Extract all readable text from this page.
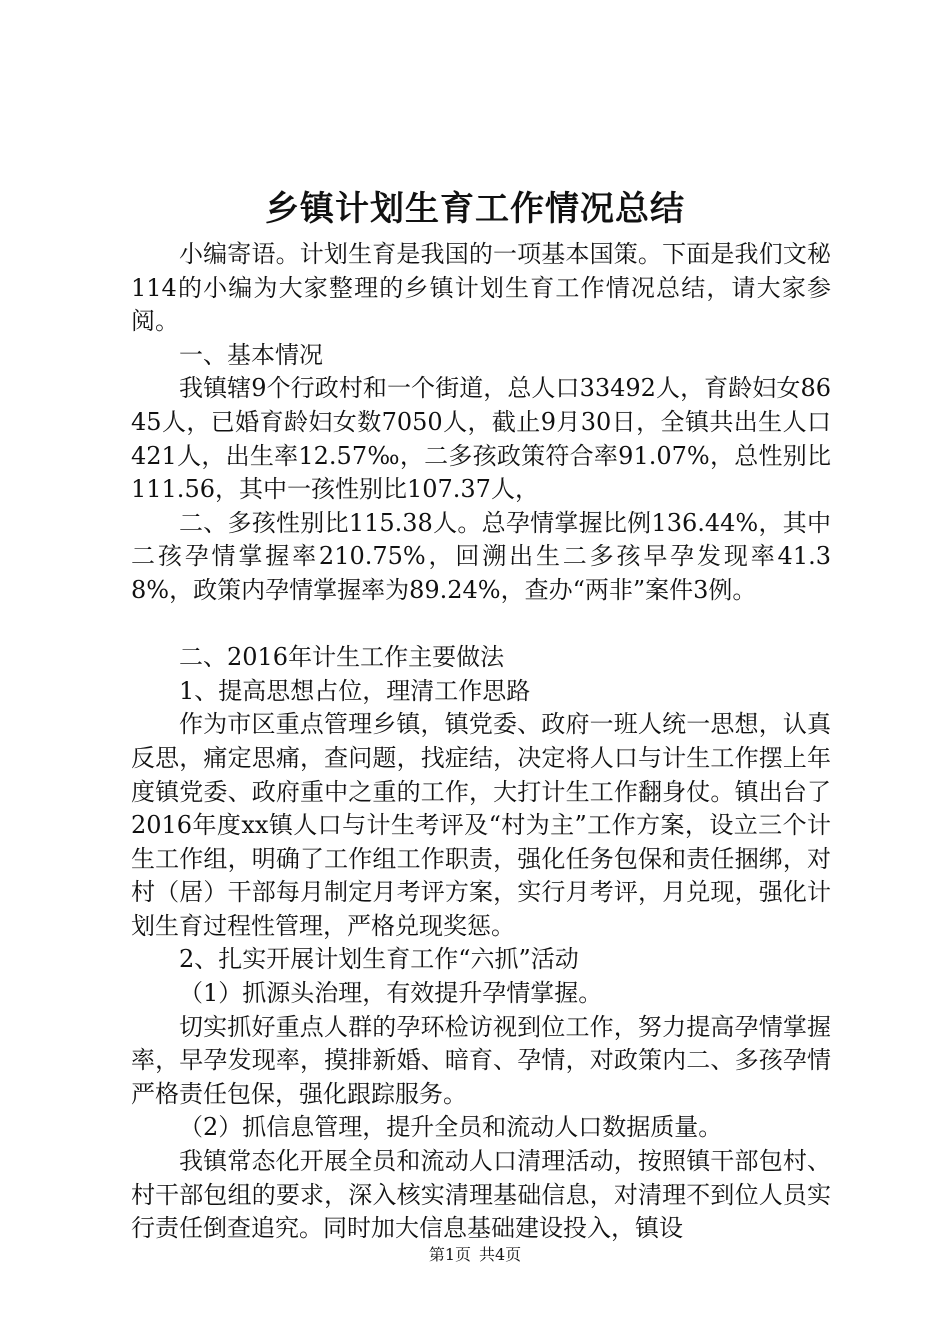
乡镇计划生育工作情况总结

小编寄语。计划生育是我国的一项基本国策。下面是我们文秘114的小编为大家整理的乡镇计划生育工作情况总结，请大家参阅。

一、基本情况

我镇辖9个行政村和一个街道，总人口33492人，育龄妇女8645人，已婚育龄妇女数7050人，截止9月30日，全镇共出生人口421人，出生率12.57‰，二多孩政策符合率91.07%，总性别比111.56，其中一孩性别比107.37人，

二、多孩性别比115.38人。总孕情掌握比例136.44%，其中二孩孕情掌握率210.75%，回溯出生二多孩早孕发现率41.38%，政策内孕情掌握率为89.24%，查办“两非”案件3例。

二、2016年计生工作主要做法

1、提高思想占位，理清工作思路

作为市区重点管理乡镇，镇党委、政府一班人统一思想，认真反思，痛定思痛，查问题，找症结，决定将人口与计生工作摆上年度镇党委、政府重中之重的工作，大打计生工作翻身仗。镇出台了2016年度xx镇人口与计生考评及“村为主”工作方案，设立三个计生工作组，明确了工作组工作职责，强化任务包保和责任捆绑，对村（居）干部每月制定月考评方案，实行月考评，月兑现，强化计划生育过程性管理，严格兑现奖惩。

2、扎实开展计划生育工作“六抓”活动

（1）抓源头治理，有效提升孕情掌握。

切实抓好重点人群的孕环检访视到位工作，努力提高孕情掌握率，早孕发现率，摸排新婚、暗育、孕情，对政策内二、多孩孕情严格责任包保，强化跟踪服务。

（2）抓信息管理，提升全员和流动人口数据质量。

我镇常态化开展全员和流动人口清理活动，按照镇干部包村、村干部包组的要求，深入核实清理基础信息，对清理不到位人员实行责任倒查追究。同时加大信息基础建设投入，镇设

第1页 共4页
